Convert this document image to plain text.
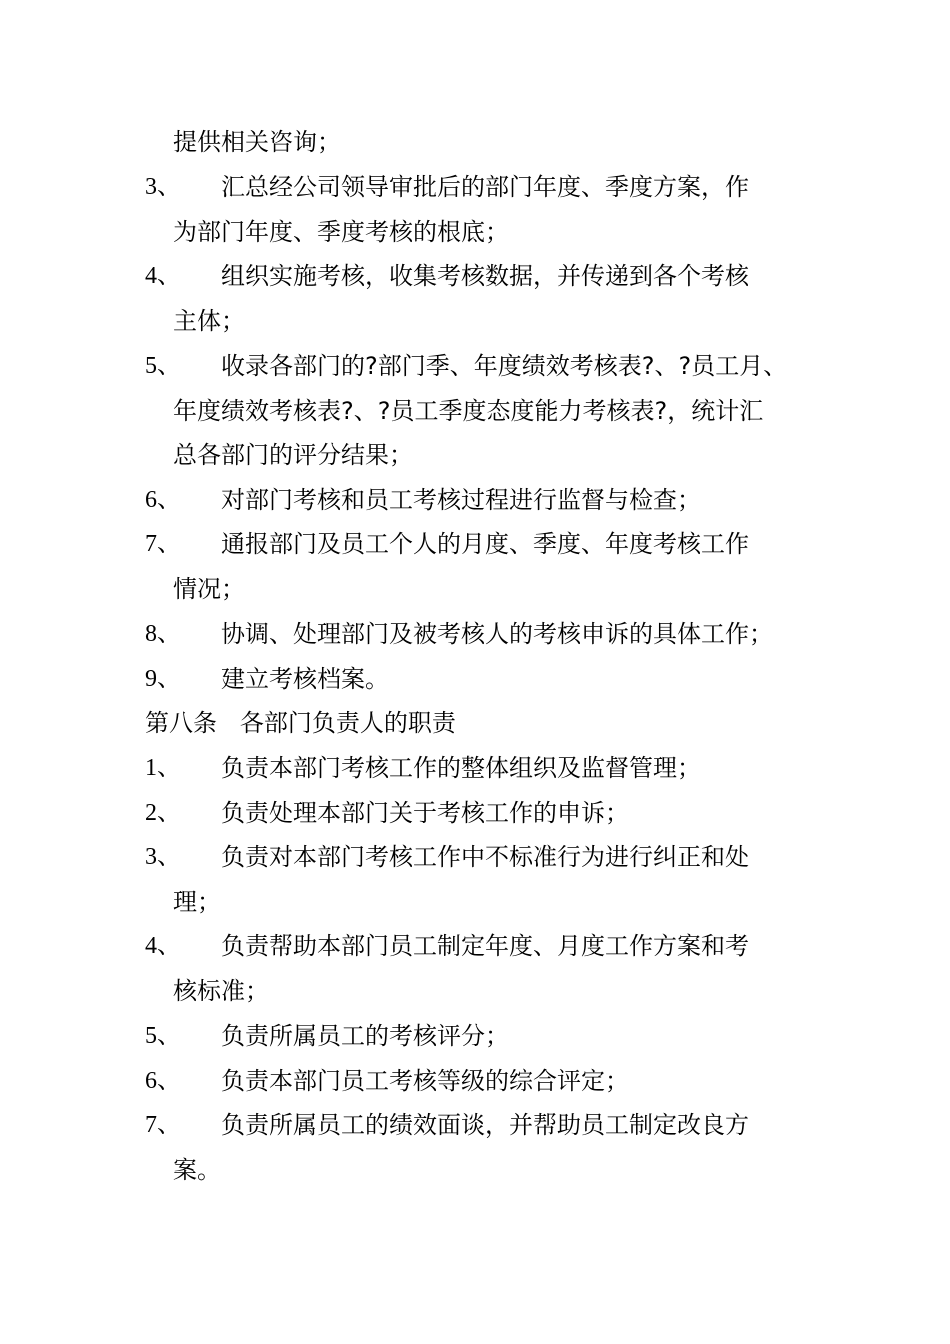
提供相关咨询；
3、 汇总经公司领导审批后的部门年度、季度方案，作
为部门年度、季度考核的根底；
4、 组织实施考核，收集考核数据，并传递到各个考核
主体；
5、 收录各部门的?部门季、年度绩效考核表?、?员工月、
年度绩效考核表?、?员工季度态度能力考核表?，统计汇
总各部门的评分结果；
6、 对部门考核和员工考核过程进行监督与检查；
7、 通报部门及员工个人的月度、季度、年度考核工作
情况；
8、 协调、处理部门及被考核人的考核申诉的具体工作；
9、 建立考核档案。
第八条   各部门负责人的职责
1、 负责本部门考核工作的整体组织及监督管理；
2、 负责处理本部门关于考核工作的申诉；
3、 负责对本部门考核工作中不标准行为进行纠正和处
理；
4、 负责帮助本部门员工制定年度、月度工作方案和考
核标准；
5、 负责所属员工的考核评分；
6、 负责本部门员工考核等级的综合评定；
7、 负责所属员工的绩效面谈，并帮助员工制定改良方
案。
